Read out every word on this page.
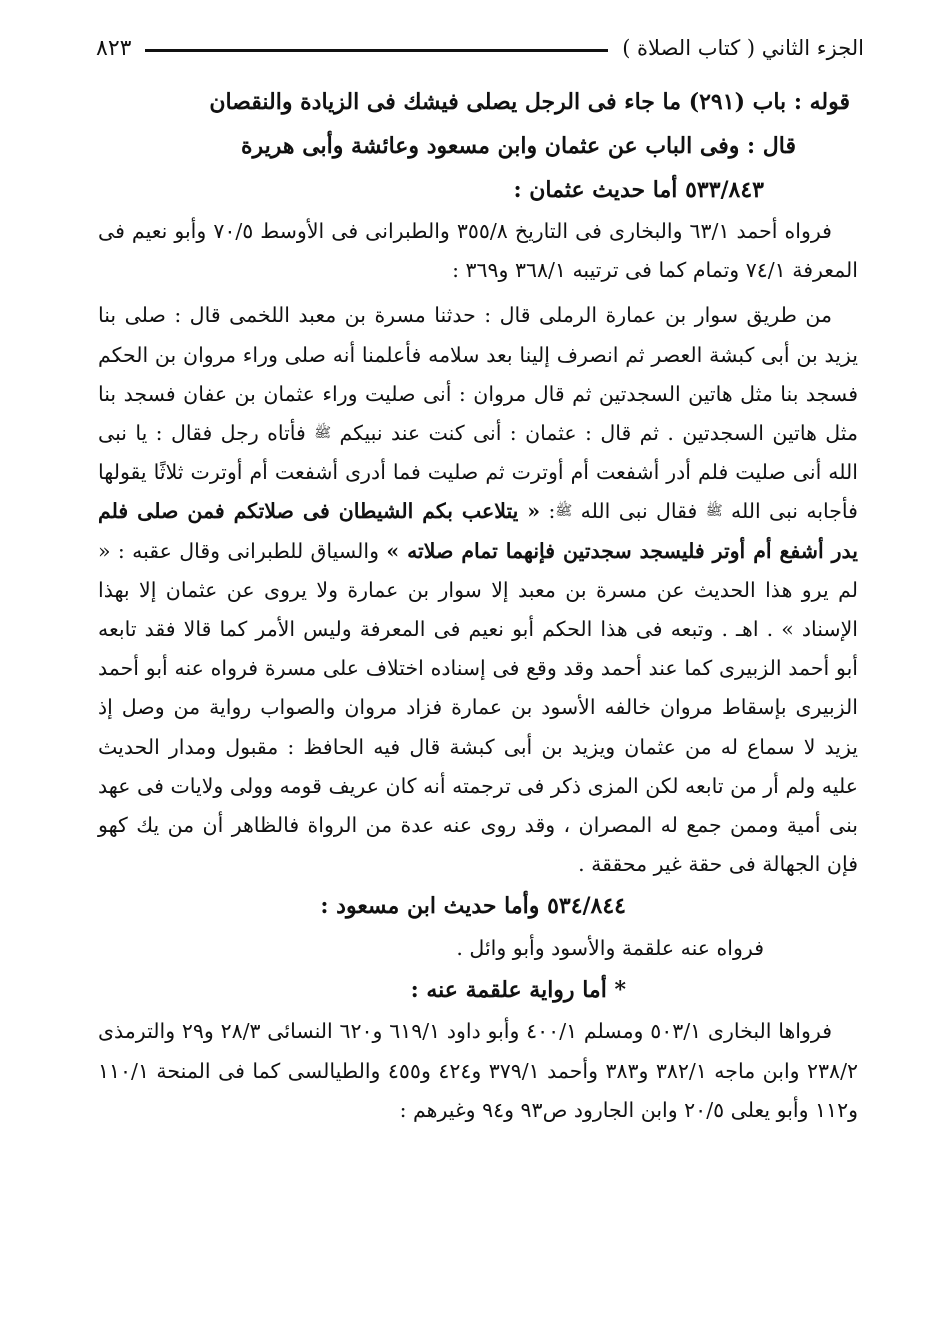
الجزء الثاني ( كتاب الصلاة )
٨٢٣

قوله : باب (٢٩١) ما جاء فى الرجل يصلى فيشك فى الزيادة والنقصان

قال : وفى الباب عن عثمان وابن مسعود وعائشة وأبى هريرة

٥٣٣/٨٤٣ أما حديث عثمان :

فرواه أحمد ٦٣/١ والبخارى فى التاريخ ٣٥٥/٨ والطبرانى فى الأوسط ٧٠/٥ وأبو نعيم فى المعرفة ٧٤/١ وتمام كما فى ترتيبه ٣٦٨/١ و٣٦٩ :

من طريق سوار بن عمارة الرملى قال : حدثنا مسرة بن معبد اللخمى قال : صلى بنا يزيد بن أبى كبشة العصر ثم انصرف إلينا بعد سلامه فأعلمنا أنه صلى وراء مروان بن الحكم فسجد بنا مثل هاتين السجدتين ثم قال مروان : أنى صليت وراء عثمان بن عفان فسجد بنا مثل هاتين السجدتين . ثم قال : عثمان : أنى كنت عند نبيكم ﷺ فأتاه رجل فقال : يا نبى الله أنى صليت فلم أدر أشفعت أم أوترت ثم صليت فما أدرى أشفعت أم أوترت ثلاثًا يقولها فأجابه نبى الله ﷺ فقال نبى الله ﷺ: « يتلاعب بكم الشيطان فى صلاتكم فمن صلى فلم يدر أشفع أم أوتر فليسجد سجدتين فإنهما تمام صلاته » والسياق للطبرانى وقال عقبه : « لم يرو هذا الحديث عن مسرة بن معبد إلا سوار بن عمارة ولا يروى عن عثمان إلا بهذا الإسناد » . اهـ . وتبعه فى هذا الحكم أبو نعيم فى المعرفة وليس الأمر كما قالا فقد تابعه أبو أحمد الزبيرى كما عند أحمد وقد وقع فى إسناده اختلاف على مسرة فرواه عنه أبو أحمد الزبيرى بإسقاط مروان خالفه الأسود بن عمارة فزاد مروان والصواب رواية من وصل إذ يزيد لا سماع له من عثمان ويزيد بن أبى كبشة قال فيه الحافظ : مقبول ومدار الحديث عليه ولم أر من تابعه لكن المزى ذكر فى ترجمته أنه كان عريف قومه وولى ولايات فى عهد بنى أمية وممن جمع له المصران ، وقد روى عنه عدة من الرواة فالظاهر أن من يك كهو فإن الجهالة فى حقة غير محققة .

٥٣٤/٨٤٤ وأما حديث ابن مسعود :

فرواه عنه علقمة والأسود وأبو وائل .

* أما رواية علقمة عنه :

فرواها البخارى ٥٠٣/١ ومسلم ٤٠٠/١ وأبو داود ٦١٩/١ و٦٢٠ النسائى ٢٨/٣ و٢٩ والترمذى ٢٣٨/٢ وابن ماجه ٣٨٢/١ و٣٨٣ وأحمد ٣٧٩/١ و٤٢٤ و٤٥٥ والطيالسى كما فى المنحة ١١٠/١ و١١٢ وأبو يعلى ٢٠/٥ وابن الجارود ص٩٣ و٩٤ وغيرهم :
